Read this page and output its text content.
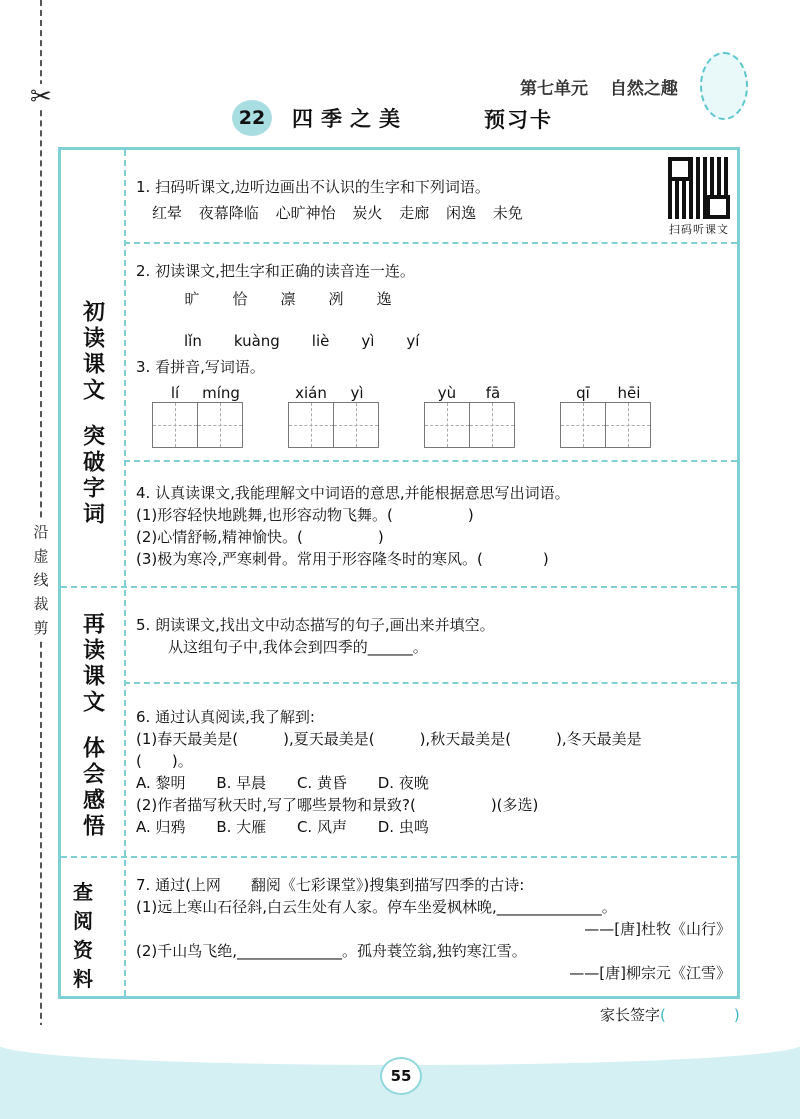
✂
沿虚线裁剪
第七单元 自然之趣
22	四季之美	预习卡
初读课文
突破字词
再读课文
体会感悟
查阅
资料

1. 扫码听课文,边听边画出不认识的生字和下列词语。

红晕 夜幕降临 心旷神怡 炭火 走廊 闲逸 未免

2. 初读课文,把生字和正确的读音连一连。

旷	恰	凛	冽	逸
lǐn kuàng liè yì yí

3. 看拼音,写词语。

lí	míng	xián	yì	yù	fā	qī	hēi

4. 认真读课文,我能理解文中词语的意思,并能根据意思写出词语。

(1)形容轻快地跳舞,也形容动物飞舞。(　　　　　)

(2)心情舒畅,精神愉快。(　　　　　)

(3)极为寒冷,严寒刺骨。常用于形容隆冬时的寒风。(　　　　)

5. 朗读课文,找出文中动态描写的句子,画出来并填空。

从这组句子中,我体会到四季的______。

6. 通过认真阅读,我了解到:

(1)春天最美是(　　　),夏天最美是(　　　),秋天最美是(　　　),冬天最美是

(　　)。

A. 黎明 B. 早晨 C. 黄昏 D. 夜晚

(2)作者描写秋天时,写了哪些景物和景致?(　　　　　)(多选)

A. 归鸦 B. 大雁 C. 风声 D. 虫鸣

7. 通过(上网　　翻阅《七彩课堂》)搜集到描写四季的古诗:

(1)远上寒山石径斜,白云生处有人家。停车坐爱枫林晚,______________。

——[唐]杜牧《山行》

(2)千山鸟飞绝,______________。孤舟蓑笠翁,独钓寒江雪。

——[唐]柳宗元《江雪》

扫码听课文
家长签字(	)
55
